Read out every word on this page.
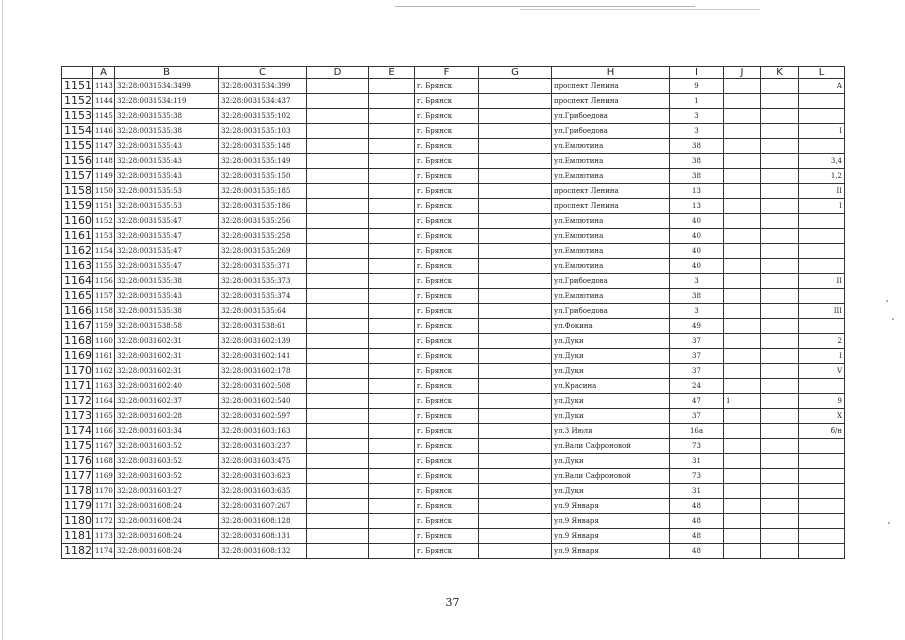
	A	B	C	D	E	F	G	H	I	J	K	L
1151	1143	32:28:0031534:3499	32:28:0031534:399			г. Брянск		проспект Ленина	9			А
1152	1144	32:28:0031534:119	32:28:0031534:437			г. Брянск		проспект Ленина	1			
1153	1145	32:28:0031535:38	32:28:0031535:102			г. Брянск		ул.Грибоедова	3			
1154	1146	32:28:0031535:38	32:28:0031535:103			г. Брянск		ул.Грибоедова	3			I
1155	1147	32:28:0031535:43	32:28:0031535:148			г. Брянск		ул.Емлютина	38			
1156	1148	32:28:0031535:43	32:28:0031535:149			г. Брянск		ул.Емлютина	38			3,4
1157	1149	32:28:0031535:43	32:28:0031535:150			г. Брянск		ул.Емлютина	38			1,2
1158	1150	32:28:0031535:53	32:28:0031535:185			г. Брянск		проспект Ленина	13			II
1159	1151	32:28:0031535:53	32:28:0031535:186			г. Брянск		проспект Ленина	13			I
1160	1152	32:28:0031535:47	32:28:0031535:256			г. Брянск		ул.Емлютина	40			
1161	1153	32:28:0031535:47	32:28:0031535:258			г. Брянск		ул.Емлютина	40			
1162	1154	32:28:0031535:47	32:28:0031535:269			г. Брянск		ул.Емлютина	40			
1163	1155	32:28:0031535:47	32:28:0031535:371			г. Брянск		ул.Емлютина	40			
1164	1156	32:28:0031535:38	32:28:0031535:373			г. Брянск		ул.Грибоедова	3			II
1165	1157	32:28:0031535:43	32:28:0031535:374			г. Брянск		ул.Емлютина	38			
1166	1158	32:28:0031535:38	32:28:0031535:64			г. Брянск		ул.Грибоедова	3			III
1167	1159	32:28:0031538:58	32:28:0031538:61			г. Брянск		ул.Фокина	49			
1168	1160	32:28:0031602:31	32:28:0031602:139			г. Брянск		ул.Дуки	37			2
1169	1161	32:28:0031602:31	32:28:0031602:141			г. Брянск		ул.Дуки	37			I
1170	1162	32:28:0031602:31	32:28:0031602:178			г. Брянск		ул.Дуки	37			V
1171	1163	32:28:0031602:40	32:28:0031602:508			г. Брянск		ул.Красина	24			
1172	1164	32:28:0031602:37	32:28:0031602:540			г. Брянск		ул.Дуки	47	1		9
1173	1165	32:28:0031602:28	32:28:0031602:597			г. Брянск		ул.Дуки	37			X
1174	1166	32:28:0031603:34	32:28:0031603:163			г. Брянск		ул.3 Июля	16а			б/н
1175	1167	32:28:0031603:52	32:28:0031603:237			г. Брянск		ул.Вали Сафроновой	73			
1176	1168	32:28:0031603:52	32:28:0031603:475			г. Брянск		ул.Дуки	31			
1177	1169	32:28:0031603:52	32:28:0031603:623			г. Брянск		ул.Вали Сафроновой	73			
1178	1170	32:28:0031603:27	32:28:0031603:635			г. Брянск		ул.Дуки	31			
1179	1171	32:28:0031608:24	32:28:0031607:267			г. Брянск		ул.9 Января	48			
1180	1172	32:28:0031608:24	32:28:0031608:128			г. Брянск		ул.9 Января	48			
1181	1173	32:28:0031608:24	32:28:0031608:131			г. Брянск		ул.9 Января	48			
1182	1174	32:28:0031608:24	32:28:0031608:132			г. Брянск		ул.9 Января	48			
37
